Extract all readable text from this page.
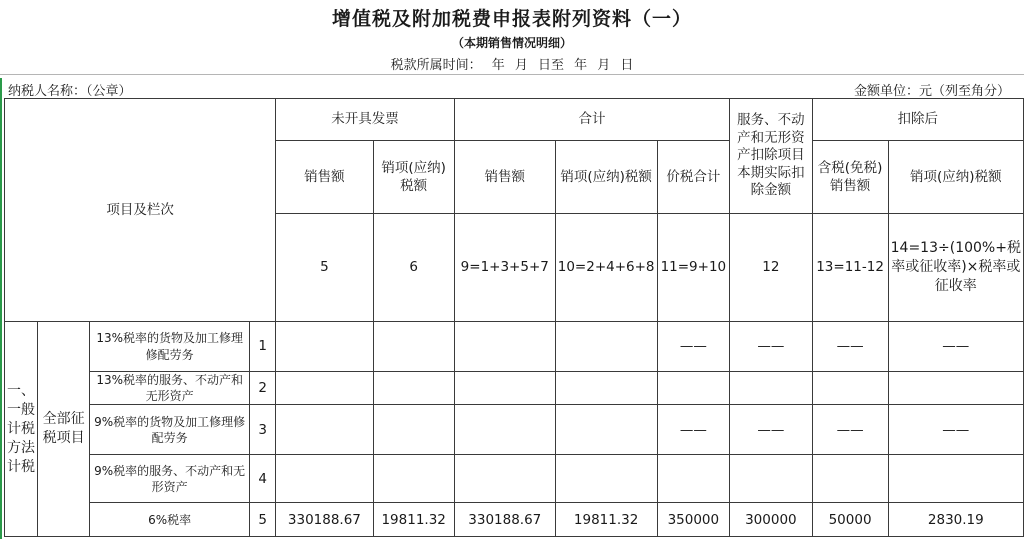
增值税及附加税费申报表附列资料（一）
（本期销售情况明细）
税款所属时间： 年 月 日至 年 月 日
纳税人名称：（公章）	金额单位：元（列至角分）
项目及栏次				未开具发票		合计			服务、不动产和无形资产扣除项目本期实际扣除金额	扣除后	
				销售额	销项(应纳)税额	销售额	销项(应纳)税额	价税合计		含税(免税)销售额	销项(应纳)税额
				5	6	9=1+3+5+7	10=2+4+6+8	11=9+10	12	13=11-12	14=13÷(100%+税率或征收率)×税率或征收率
一、一般计税方法计税	全部征税项目	13%税率的货物及加工修理修配劳务	1					——	——	——	——
		13%税率的服务、不动产和无形资产	2								
		9%税率的货物及加工修理修配劳务	3					——	——	——	——
		9%税率的服务、不动产和无形资产	4								
		6%税率	5	330188.67	19811.32	330188.67	19811.32	350000	300000	50000	2830.19
